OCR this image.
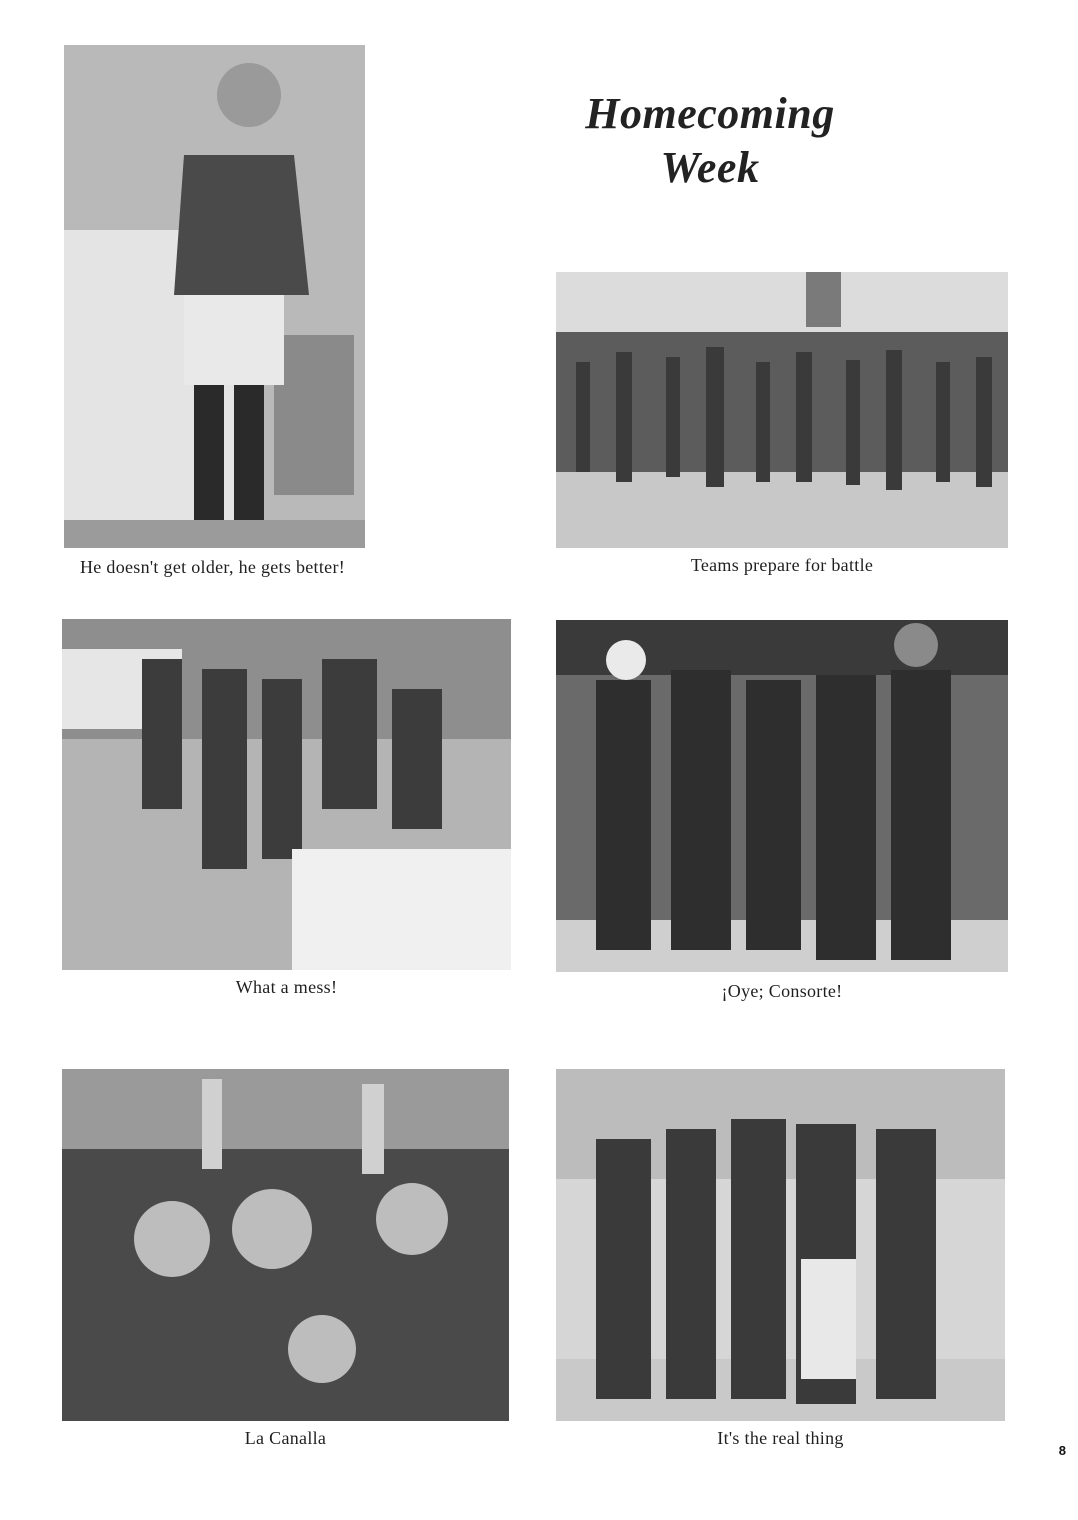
Homecoming
Week
He doesn't get older, he gets better!	Teams prepare for battle
What a mess!	¡Oye; Consorte!
La Canalla	It's the real thing
8
